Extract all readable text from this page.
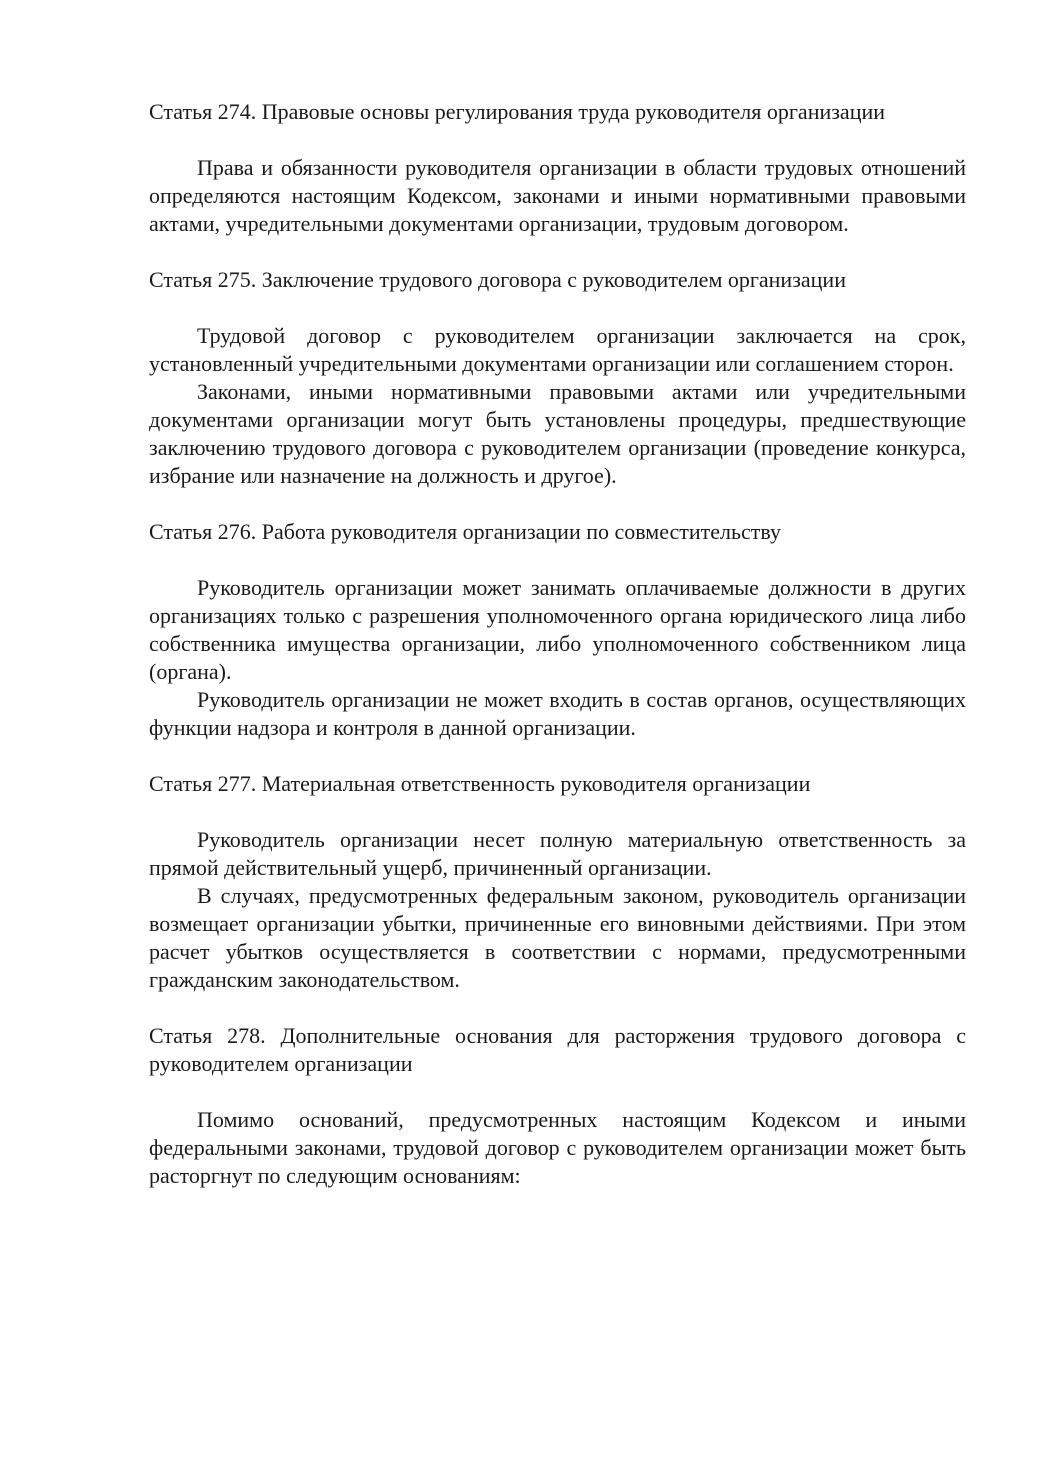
Статья 274. Правовые основы регулирования труда руководителя организации

Права и обязанности руководителя организации в области трудовых отношений определяются настоящим Кодексом, законами и иными нормативными правовыми актами, учредительными документами организации, трудовым договором.

Статья 275. Заключение трудового договора с руководителем организации

Трудовой договор с руководителем организации заключается на срок, установленный учредительными документами организации или соглашением сторон.

Законами, иными нормативными правовыми актами или учредительными документами организации могут быть установлены процедуры, предшествующие заключению трудового договора с руководителем организации (проведение конкурса, избрание или назначение на должность и другое).

Статья 276. Работа руководителя организации по совместительству

Руководитель организации может занимать оплачиваемые должности в других организациях только с разрешения уполномоченного органа юридического лица либо собственника имущества организации, либо уполномоченного собственником лица (органа).

Руководитель организации не может входить в состав органов, осуществляющих функции надзора и контроля в данной организации.

Статья 277. Материальная ответственность руководителя организации

Руководитель организации несет полную материальную ответственность за прямой действительный ущерб, причиненный организации.

В случаях, предусмотренных федеральным законом, руководитель организации возмещает организации убытки, причиненные его виновными действиями. При этом расчет убытков осуществляется в соответствии с нормами, предусмотренными гражданским законодательством.

Статья 278. Дополнительные основания для расторжения трудового договора с руководителем организации

Помимо оснований, предусмотренных настоящим Кодексом и иными федеральными законами, трудовой договор с руководителем организации может быть расторгнут по следующим основаниям:
